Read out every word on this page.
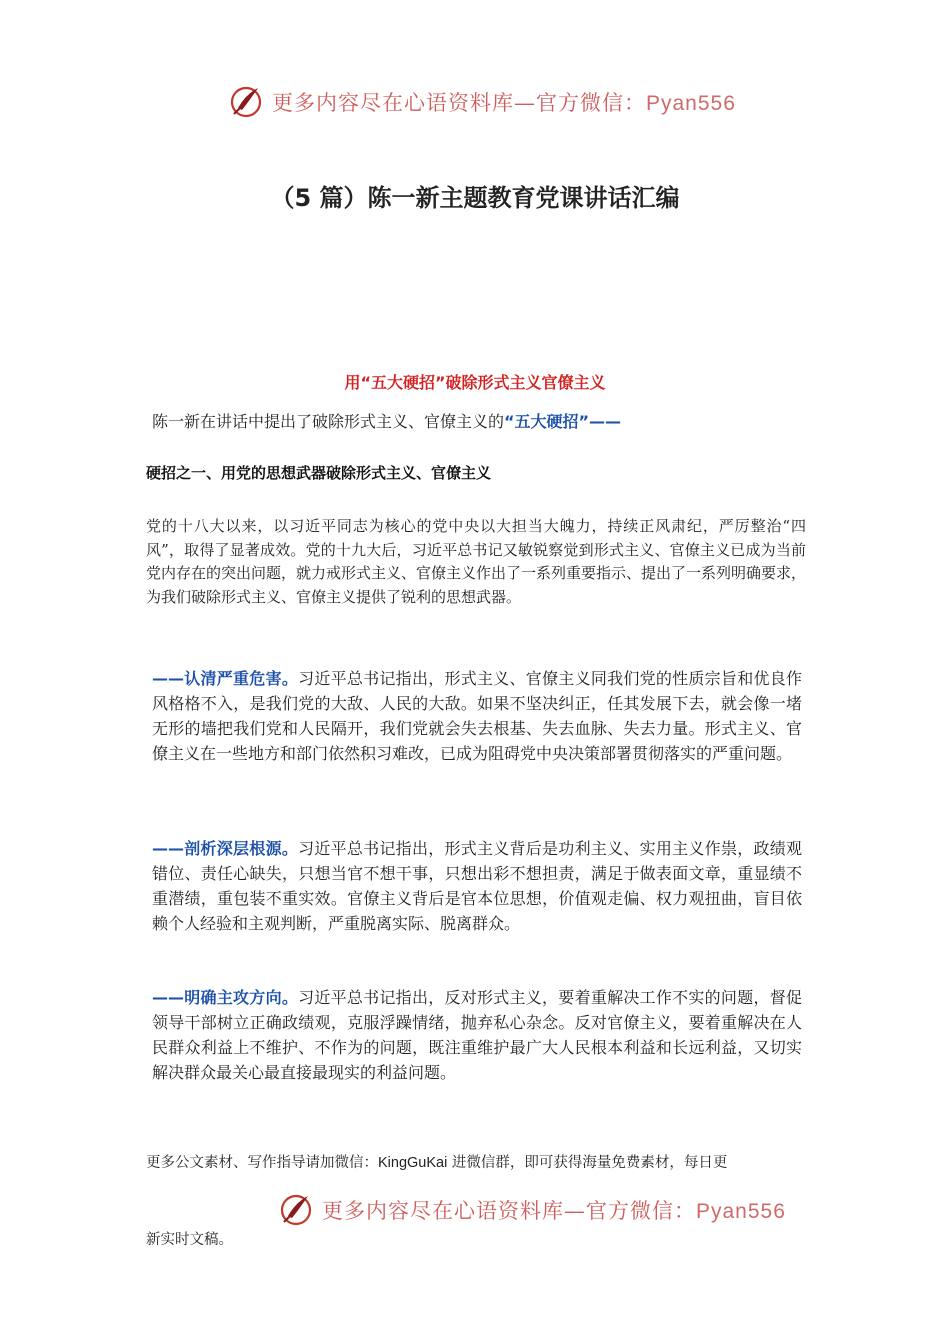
更多内容尽在心语资料库—官方微信：Pyan556
（5 篇）陈一新主题教育党课讲话汇编
用“五大硬招”破除形式主义官僚主义
陈一新在讲话中提出了破除形式主义、官僚主义的“五大硬招”——
硬招之一、用党的思想武器破除形式主义、官僚主义

党的十八大以来，以习近平同志为核心的党中央以大担当大魄力，持续正风肃纪，严厉整治“四风”，取得了显著成效。党的十九大后，习近平总书记又敏锐察觉到形式主义、官僚主义已成为当前党内存在的突出问题，就力戒形式主义、官僚主义作出了一系列重要指示、提出了一系列明确要求，为我们破除形式主义、官僚主义提供了锐利的思想武器。

——认清严重危害。习近平总书记指出，形式主义、官僚主义同我们党的性质宗旨和优良作风格格不入，是我们党的大敌、人民的大敌。如果不坚决纠正，任其发展下去，就会像一堵无形的墙把我们党和人民隔开，我们党就会失去根基、失去血脉、失去力量。形式主义、官僚主义在一些地方和部门依然积习难改，已成为阻碍党中央决策部署贯彻落实的严重问题。

——剖析深层根源。习近平总书记指出，形式主义背后是功利主义、实用主义作祟，政绩观错位、责任心缺失，只想当官不想干事，只想出彩不想担责，满足于做表面文章，重显绩不重潜绩，重包装不重实效。官僚主义背后是官本位思想，价值观走偏、权力观扭曲，盲目依赖个人经验和主观判断，严重脱离实际、脱离群众。

——明确主攻方向。习近平总书记指出，反对形式主义，要着重解决工作不实的问题，督促领导干部树立正确政绩观，克服浮躁情绪，抛弃私心杂念。反对官僚主义，要着重解决在人民群众利益上不维护、不作为的问题，既注重维护最广大人民根本利益和长远利益，又切实解决群众最关心最直接最现实的利益问题。

更多公文素材、写作指导请加微信：KingGuKai 进微信群，即可获得海量免费素材，每日更

更多内容尽在心语资料库—官方微信：Pyan556
新实时文稿。
